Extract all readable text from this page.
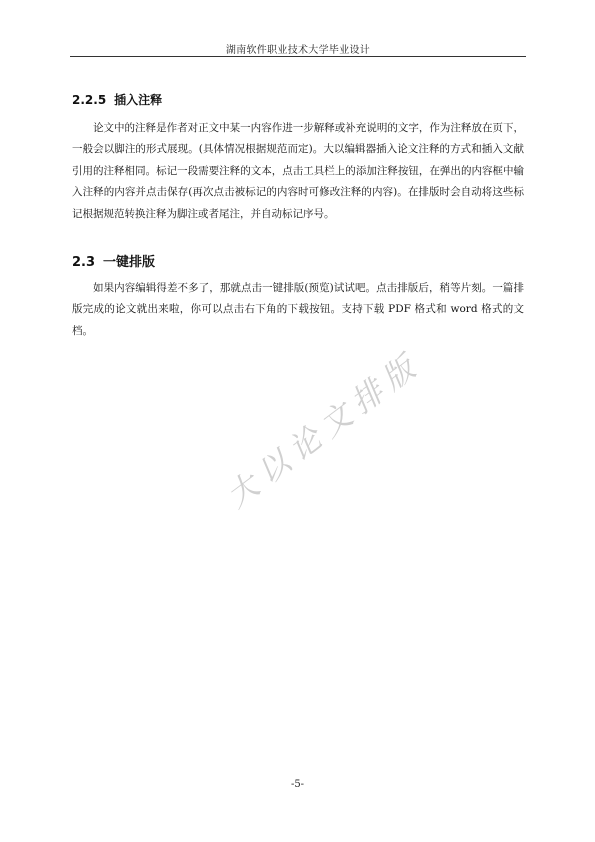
湖南软件职业技术大学毕业设计
2.2.5 插入注释
论文中的注释是作者对正文中某一内容作进一步解释或补充说明的文字，作为注释放在页下，一般会以脚注的形式展现。(具体情况根据规范而定)。大以编辑器插入论文注释的方式和插入文献引用的注释相同。标记一段需要注释的文本，点击工具栏上的添加注释按钮，在弹出的内容框中输入注释的内容并点击保存(再次点击被标记的内容时可修改注释的内容)。在排版时会自动将这些标记根据规范转换注释为脚注或者尾注，并自动标记序号。
2.3 一键排版
如果内容编辑得差不多了，那就点击一键排版(预览)试试吧。点击排版后，稍等片刻。一篇排版完成的论文就出来啦，你可以点击右下角的下载按钮。支持下载 PDF 格式和 word 格式的文档。
大以论文排版
-5-
